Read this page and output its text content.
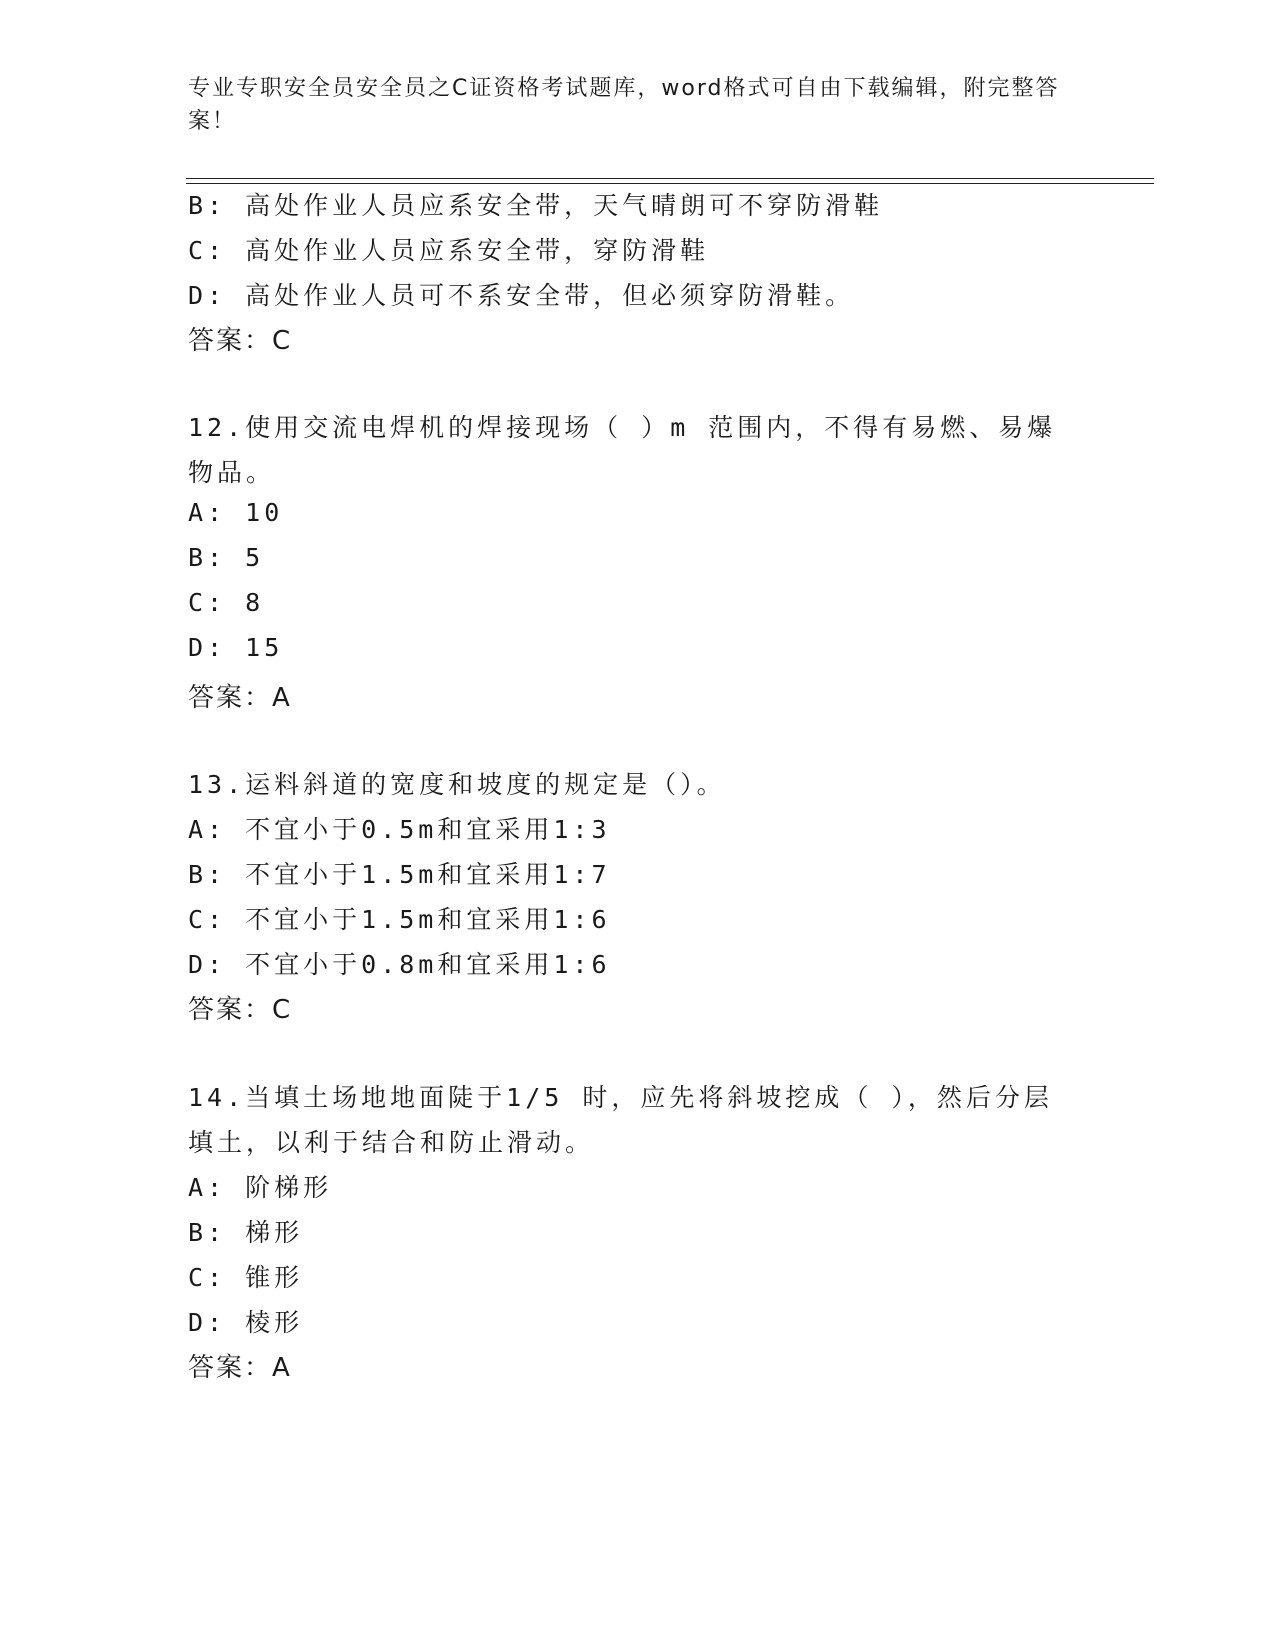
专业专职安全员安全员之C证资格考试题库，word格式可自由下载编辑，附完整答案！
B: 高处作业人员应系安全带，天气晴朗可不穿防滑鞋
C: 高处作业人员应系安全带，穿防滑鞋
D: 高处作业人员可不系安全带，但必须穿防滑鞋。
答案：C
12.使用交流电焊机的焊接现场（ ）m 范围内，不得有易燃、易爆
物品。
A: 10
B: 5
C: 8
D: 15
答案：A
13.运料斜道的宽度和坡度的规定是（）。
A: 不宜小于0.5m和宜采用1:3
B: 不宜小于1.5m和宜采用1:7
C: 不宜小于1.5m和宜采用1:6
D: 不宜小于0.8m和宜采用1:6
答案：C
14.当填土场地地面陡于1/5 时，应先将斜坡挖成（ ），然后分层
填土，以利于结合和防止滑动。
A: 阶梯形
B: 梯形
C: 锥形
D: 棱形
答案：A
